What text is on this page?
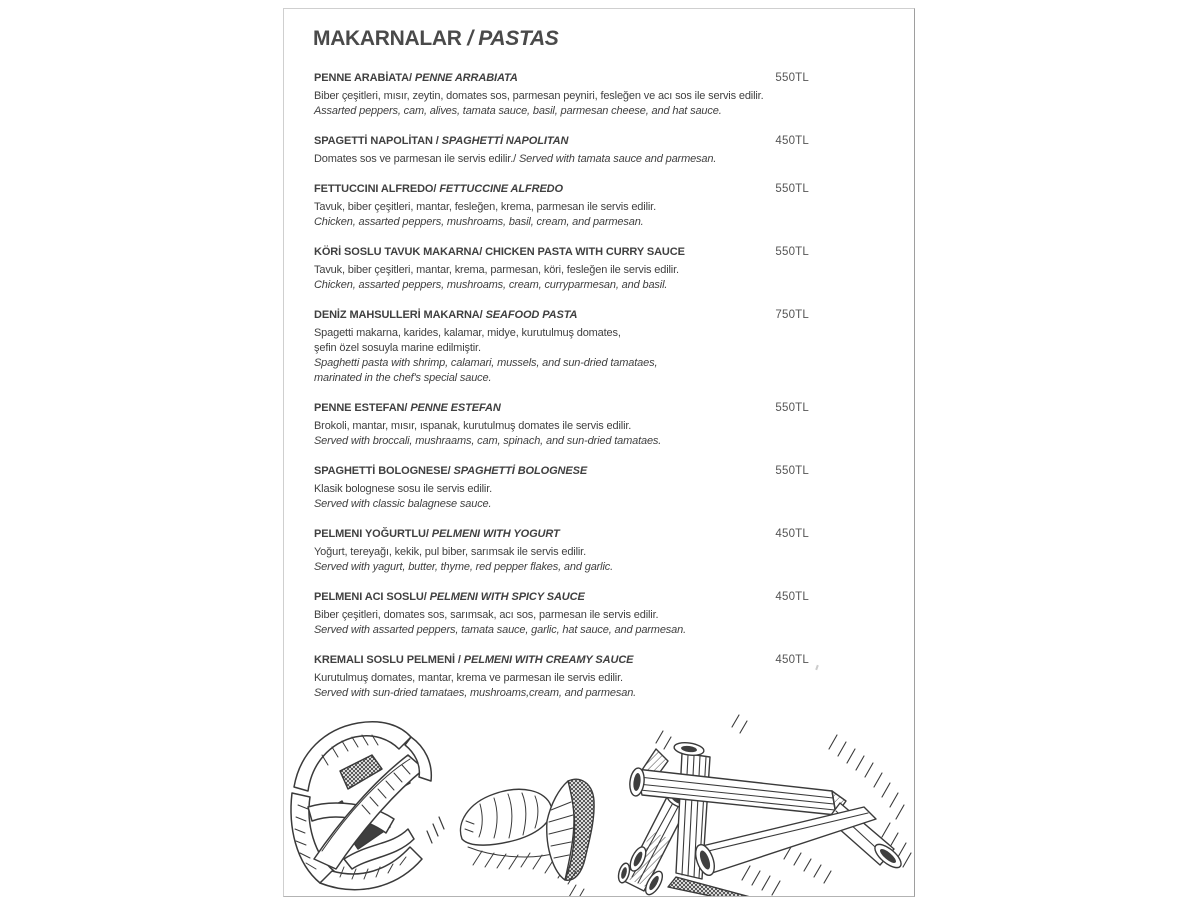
MAKARNALAR / PASTAS
PENNE ARABİATA/ PENNE ARRABIATA	550TL
Biber çeşitleri, mısır, zeytin, domates sos, parmesan peyniri, fesleğen ve acı sos ile servis edilir.
Assarted peppers, cam, alives, tamata sauce, basil, parmesan cheese, and hat sauce.
SPAGETTİ NAPOLİTAN / SPAGHETTİ NAPOLITAN	450TL
Domates sos ve parmesan ile servis edilir./ Served with tamata sauce and parmesan.
FETTUCCINI ALFREDO/ FETTUCCINE ALFREDO	550TL
Tavuk, biber çeşitleri, mantar, fesleğen, krema, parmesan ile servis edilir.
Chicken, assarted peppers, mushroams, basil, cream, and parmesan.
KÖRİ SOSLU TAVUK MAKARNA/ CHICKEN PASTA WITH CURRY SAUCE	550TL
Tavuk, biber çeşitleri, mantar, krema, parmesan, köri, fesleğen ile servis edilir.
Chicken, assarted peppers, mushroams, cream, curryparmesan, and basil.
DENİZ MAHSULLERİ MAKARNA/ SEAFOOD PASTA	750TL
Spagetti makarna, karides, kalamar, midye, kurutulmuş domates,
şefin özel sosuyla marine edilmiştir.
Spaghetti pasta with shrimp, calamari, mussels, and sun-dried tamataes,
marinated in the chef's special sauce.
PENNE ESTEFAN/ PENNE ESTEFAN	550TL
Brokoli, mantar, mısır, ıspanak, kurutulmuş domates ile servis edilir.
Served with broccali, mushraams, cam, spinach, and sun-dried tamataes.
SPAGHETTİ BOLOGNESE/ SPAGHETTİ BOLOGNESE	550TL
Klasik bolognese sosu ile servis edilir.
Served with classic balagnese sauce.
PELMENI YOĞURTLU/ PELMENI WITH YOGURT	450TL
Yoğurt, tereyağı, kekik, pul biber, sarımsak ile servis edilir.
Served with yagurt, butter, thyme, red pepper flakes, and garlic.
PELMENI ACI SOSLU/ PELMENI WITH SPICY SAUCE	450TL
Biber çeşitleri, domates sos, sarımsak, acı sos, parmesan ile servis edilir.
Served with assarted peppers, tamata sauce, garlic, hat sauce, and parmesan.
KREMALI SOSLU PELMENİ / PELMENI WITH CREAMY SAUCE	450TL
Kurutulmuş domates, mantar, krema ve parmesan ile servis edilir.
Served with sun-dried tamataes, mushroams,cream, and parmesan.
